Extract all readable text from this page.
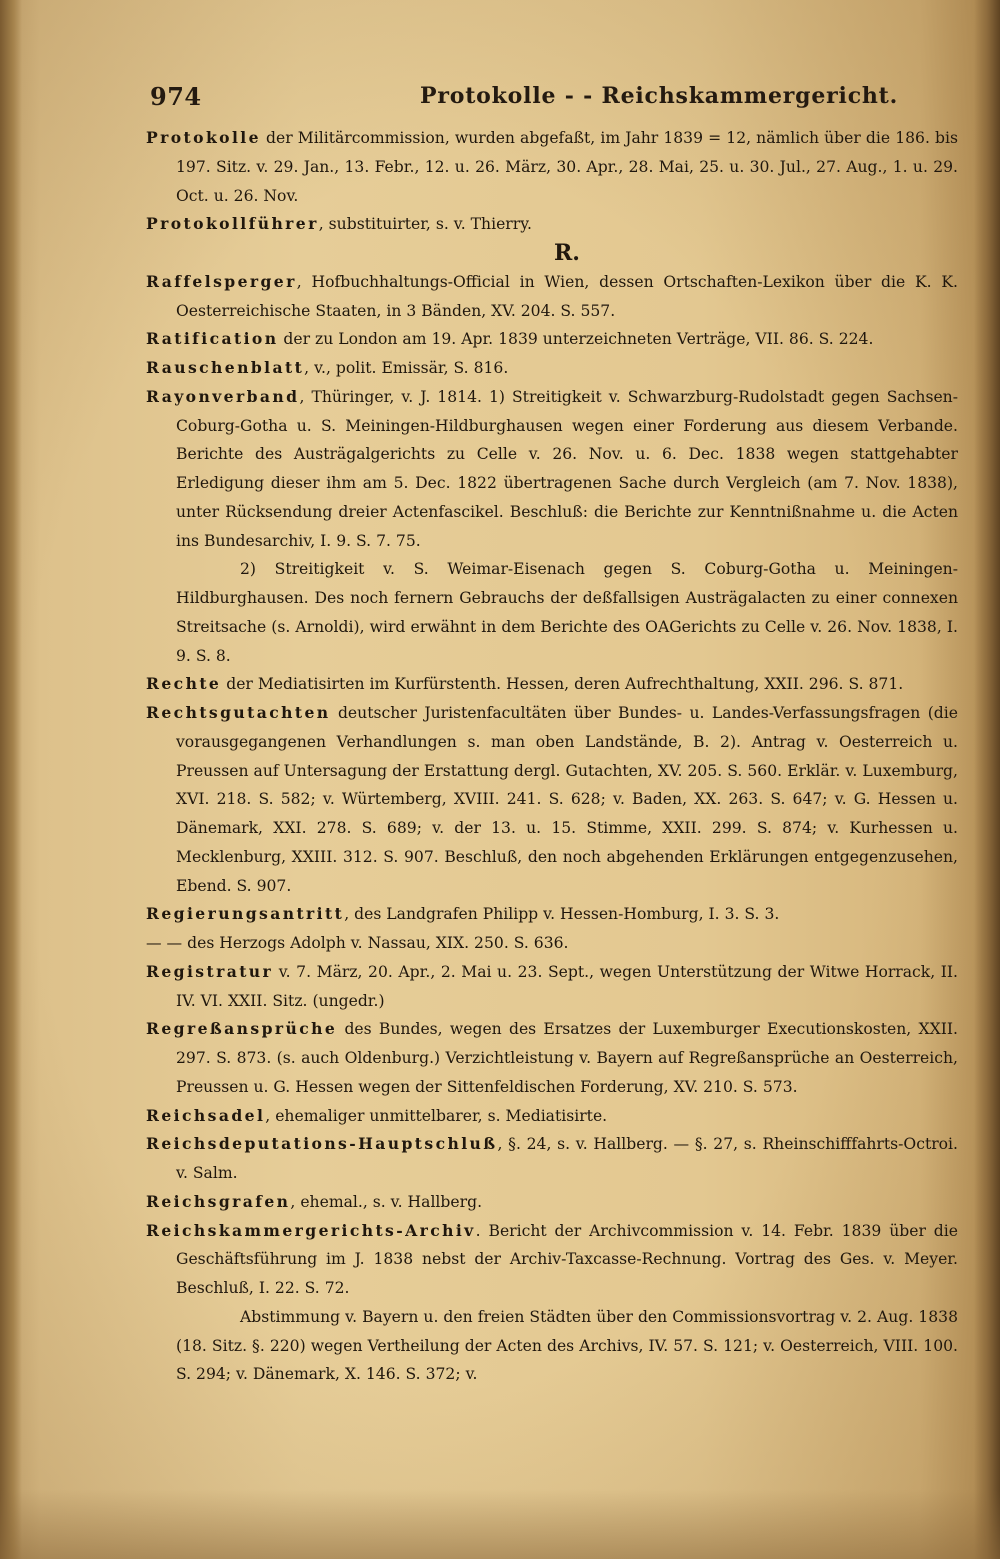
974	Protokolle - - Reichskammergericht.

Protokolle der Militärcommission, wurden abgefaßt, im Jahr 1839 = 12, nämlich über die 186. bis 197. Sitz. v. 29. Jan., 13. Febr., 12. u. 26. März, 30. Apr., 28. Mai, 25. u. 30. Jul., 27. Aug., 1. u. 29. Oct. u. 26. Nov.

Protokollführer, substituirter, s. v. Thierry.

R.

Raffelsperger, Hofbuchhaltungs-Official in Wien, dessen Ortschaften-Lexikon über die K. K. Oesterreichische Staaten, in 3 Bänden, XV. 204. S. 557.

Ratification der zu London am 19. Apr. 1839 unterzeichneten Verträge, VII. 86. S. 224.

Rauschenblatt, v., polit. Emissär, S. 816.

Rayonverband, Thüringer, v. J. 1814. 1) Streitigkeit v. Schwarzburg-Rudolstadt gegen Sachsen-Coburg-Gotha u. S. Meiningen-Hildburghausen wegen einer Forderung aus diesem Verbande. Berichte des Austrägalgerichts zu Celle v. 26. Nov. u. 6. Dec. 1838 wegen stattgehabter Erledigung dieser ihm am 5. Dec. 1822 übertragenen Sache durch Vergleich (am 7. Nov. 1838), unter Rücksendung dreier Actenfascikel. Beschluß: die Berichte zur Kenntnißnahme u. die Acten ins Bundesarchiv, I. 9. S. 7. 75.

2) Streitigkeit v. S. Weimar-Eisenach gegen S. Coburg-Gotha u. Meiningen-Hildburghausen. Des noch fernern Gebrauchs der deßfallsigen Austrägalacten zu einer connexen Streitsache (s. Arnoldi), wird erwähnt in dem Berichte des OAGerichts zu Celle v. 26. Nov. 1838, I. 9. S. 8.

Rechte der Mediatisirten im Kurfürstenth. Hessen, deren Aufrechthaltung, XXII. 296. S. 871.

Rechtsgutachten deutscher Juristenfacultäten über Bundes- u. Landes-Verfassungsfragen (die vorausgegangenen Verhandlungen s. man oben Landstände, B. 2). Antrag v. Oesterreich u. Preussen auf Untersagung der Erstattung dergl. Gutachten, XV. 205. S. 560. Erklär. v. Luxemburg, XVI. 218. S. 582; v. Würtemberg, XVIII. 241. S. 628; v. Baden, XX. 263. S. 647; v. G. Hessen u. Dänemark, XXI. 278. S. 689; v. der 13. u. 15. Stimme, XXII. 299. S. 874; v. Kurhessen u. Mecklenburg, XXIII. 312. S. 907. Beschluß, den noch abgehenden Erklärungen entgegenzusehen, Ebend. S. 907.

Regierungsantritt, des Landgrafen Philipp v. Hessen-Homburg, I. 3. S. 3.

— — des Herzogs Adolph v. Nassau, XIX. 250. S. 636.

Registratur v. 7. März, 20. Apr., 2. Mai u. 23. Sept., wegen Unterstützung der Witwe Horrack, II. IV. VI. XXII. Sitz. (ungedr.)

Regreßansprüche des Bundes, wegen des Ersatzes der Luxemburger Executionskosten, XXII. 297. S. 873. (s. auch Oldenburg.) Verzichtleistung v. Bayern auf Regreßansprüche an Oesterreich, Preussen u. G. Hessen wegen der Sittenfeldischen Forderung, XV. 210. S. 573.

Reichsadel, ehemaliger unmittelbarer, s. Mediatisirte.

Reichsdeputations-Hauptschluß, §. 24, s. v. Hallberg. — §. 27, s. Rheinschifffahrts-Octroi. v. Salm.

Reichsgrafen, ehemal., s. v. Hallberg.

Reichskammergerichts-Archiv. Bericht der Archivcommission v. 14. Febr. 1839 über die Geschäftsführung im J. 1838 nebst der Archiv-Taxcasse-Rechnung. Vortrag des Ges. v. Meyer. Beschluß, I. 22. S. 72.

Abstimmung v. Bayern u. den freien Städten über den Commissionsvortrag v. 2. Aug. 1838 (18. Sitz. §. 220) wegen Vertheilung der Acten des Archivs, IV. 57. S. 121; v. Oesterreich, VIII. 100. S. 294; v. Dänemark, X. 146. S. 372; v.
